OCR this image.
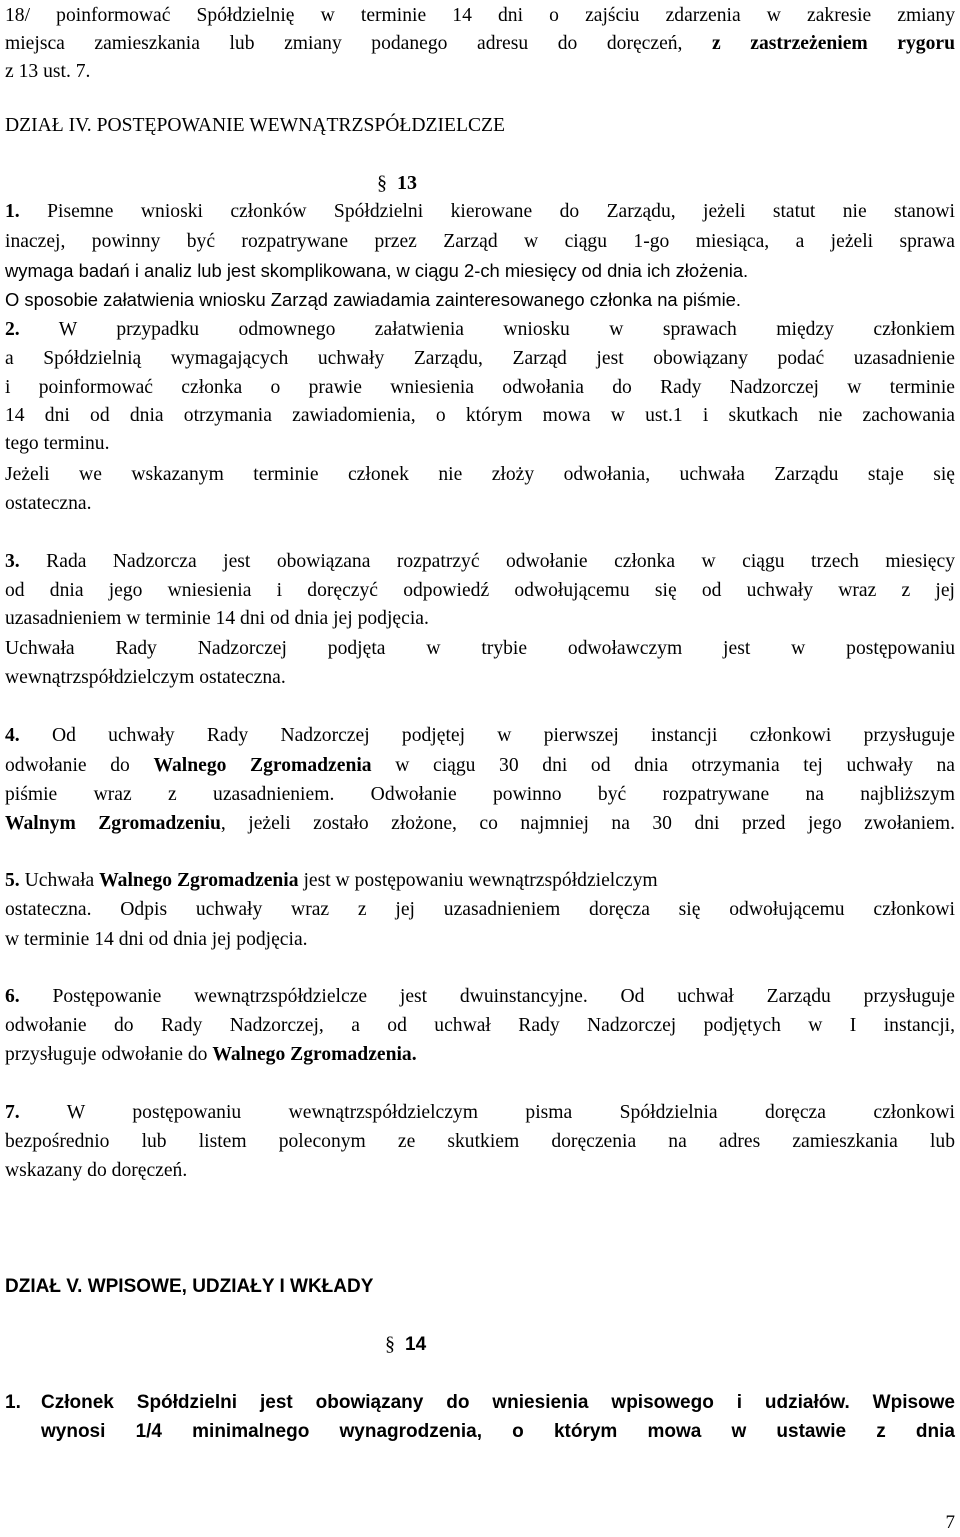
18/ poinformować Spółdzielnię w terminie 14 dni o zajściu zdarzenia w zakresie zmiany
miejsca zamieszkania lub zmiany podanego adresu do doręczeń, z zastrzeżeniem rygoru
z 13 ust. 7.
DZIAŁ IV. POSTĘPOWANIE WEWNĄTRZSPÓŁDZIELCZE
§ 13
1. Pisemne wnioski członków Spółdzielni kierowane do Zarządu, jeżeli statut nie stanowi
inaczej, powinny być rozpatrywane przez Zarząd w ciągu 1-go miesiąca, a jeżeli sprawa
wymaga badań i analiz lub jest skomplikowana, w ciągu 2-ch miesięcy od dnia ich złożenia.
O sposobie załatwienia wniosku Zarząd zawiadamia zainteresowanego członka na piśmie.
2. W przypadku odmownego załatwienia wniosku w sprawach między członkiem
a Spółdzielnią wymagających uchwały Zarządu, Zarząd jest obowiązany podać uzasadnienie
i poinformować członka o prawie wniesienia odwołania do Rady Nadzorczej w terminie
14 dni od dnia otrzymania zawiadomienia, o którym mowa w ust.1 i skutkach nie zachowania
tego terminu.
Jeżeli we wskazanym terminie członek nie złoży odwołania, uchwała Zarządu staje się
ostateczna.
3. Rada Nadzorcza jest obowiązana rozpatrzyć odwołanie członka w ciągu trzech miesięcy
od dnia jego wniesienia i doręczyć odpowiedź odwołującemu się od uchwały wraz z jej
uzasadnieniem w terminie 14 dni od dnia jej podjęcia.
Uchwała Rady Nadzorczej podjęta w trybie odwoławczym jest w postępowaniu
wewnątrzspółdzielczym ostateczna.
4. Od uchwały Rady Nadzorczej podjętej w pierwszej instancji członkowi przysługuje
odwołanie do Walnego Zgromadzenia w ciągu 30 dni od dnia otrzymania tej uchwały na
piśmie wraz z uzasadnieniem. Odwołanie powinno być rozpatrywane na najbliższym
Walnym Zgromadzeniu, jeżeli zostało złożone, co najmniej na 30 dni przed jego zwołaniem.
5. Uchwała Walnego Zgromadzenia jest w postępowaniu wewnątrzspółdzielczym
ostateczna. Odpis uchwały wraz z jej uzasadnieniem doręcza się odwołującemu członkowi
w terminie 14 dni od dnia jej podjęcia.
6. Postępowanie wewnątrzspółdzielcze jest dwuinstancyjne. Od uchwał Zarządu przysługuje
odwołanie do Rady Nadzorczej, a od uchwał Rady Nadzorczej podjętych w I instancji,
przysługuje odwołanie do Walnego Zgromadzenia.
7. W postępowaniu wewnątrzspółdzielczym pisma Spółdzielnia doręcza członkowi
bezpośrednio lub listem poleconym ze skutkiem doręczenia na adres zamieszkania lub
wskazany do doręczeń.
DZIAŁ V. WPISOWE, UDZIAŁY I WKŁADY
§ 14
1. Członek Spółdzielni jest obowiązany do wniesienia wpisowego i udziałów. Wpisowe
wynosi 1/4 minimalnego wynagrodzenia, o którym mowa w ustawie z dnia
7
